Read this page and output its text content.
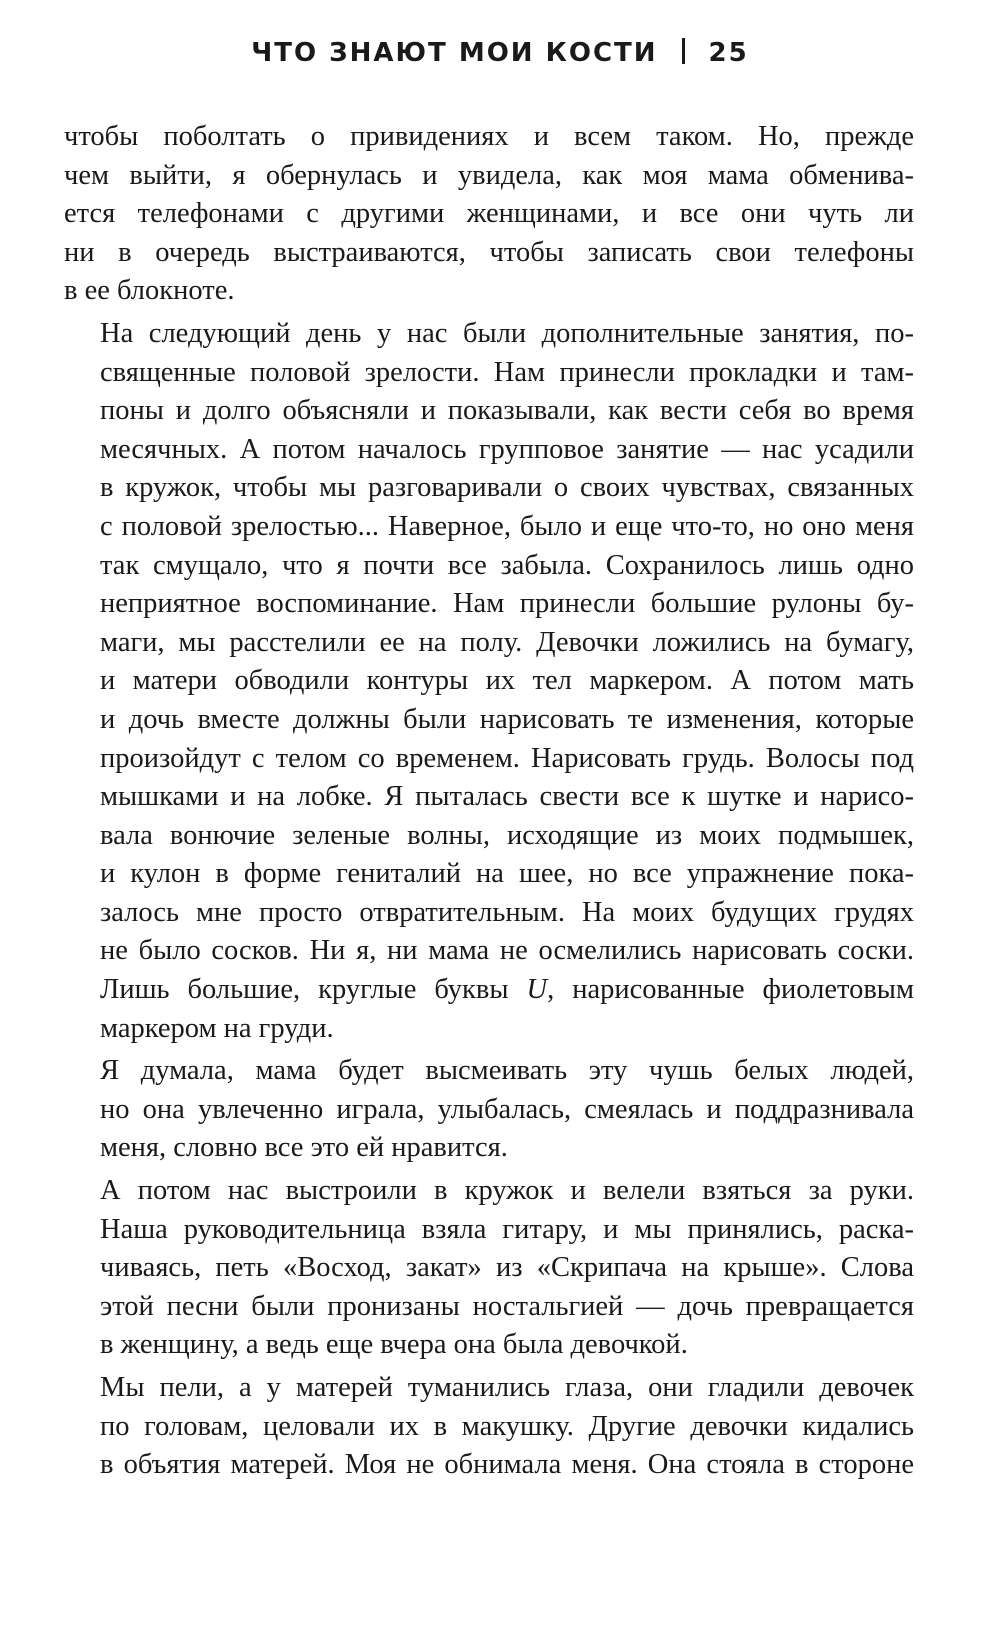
ЧТО ЗНАЮТ МОИ КОСТИ 25

чтобы поболтать о привидениях и всем таком. Но, прежде
чем выйти, я обернулась и увидела, как моя мама обменива-
ется телефонами с другими женщинами, и все они чуть ли
ни в очередь выстраиваются, чтобы записать свои телефоны
в ее блокноте.

На следующий день у нас были дополнительные занятия, по-
священные половой зрелости. Нам принесли прокладки и там-
поны и долго объясняли и показывали, как вести себя во время
месячных. А потом началось групповое занятие — нас усадили
в кружок, чтобы мы разговаривали о своих чувствах, связанных
с половой зрелостью... Наверное, было и еще что-то, но оно меня
так смущало, что я почти все забыла. Сохранилось лишь одно
неприятное воспоминание. Нам принесли большие рулоны бу-
маги, мы расстелили ее на полу. Девочки ложились на бумагу,
и матери обводили контуры их тел маркером. А потом мать
и дочь вместе должны были нарисовать те изменения, которые
произойдут с телом со временем. Нарисовать грудь. Волосы под
мышками и на лобке. Я пыталась свести все к шутке и нарисо-
вала вонючие зеленые волны, исходящие из моих подмышек,
и кулон в форме гениталий на шее, но все упражнение пока-
залось мне просто отвратительным. На моих будущих грудях
не было сосков. Ни я, ни мама не осмелились нарисовать соски.
Лишь большие, круглые буквы U, нарисованные фиолетовым
маркером на груди.

Я думала, мама будет высмеивать эту чушь белых людей,
но она увлеченно играла, улыбалась, смеялась и поддразнивала
меня, словно все это ей нравится.

А потом нас выстроили в кружок и велели взяться за руки.
Наша руководительница взяла гитару, и мы принялись, раска-
чиваясь, петь «Восход, закат» из «Скрипача на крыше». Слова
этой песни были пронизаны ностальгией — дочь превращается
в женщину, а ведь еще вчера она была девочкой.

Мы пели, а у матерей туманились глаза, они гладили девочек
по головам, целовали их в макушку. Другие девочки кидались
в объятия матерей. Моя не обнимала меня. Она стояла в стороне
